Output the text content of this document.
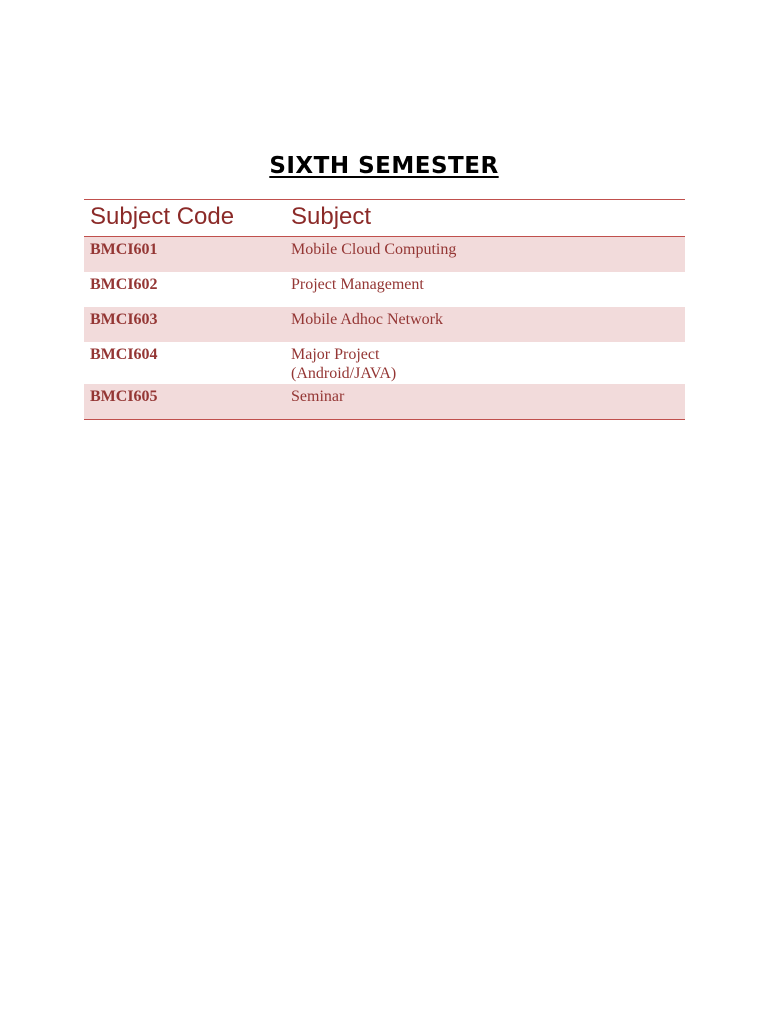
SIXTH SEMESTER
Subject Code	Subject
BMCI601	Mobile Cloud Computing
BMCI602	Project Management
BMCI603	Mobile Adhoc Network
BMCI604	Major Project
(Android/JAVA)

BMCI605	Seminar
